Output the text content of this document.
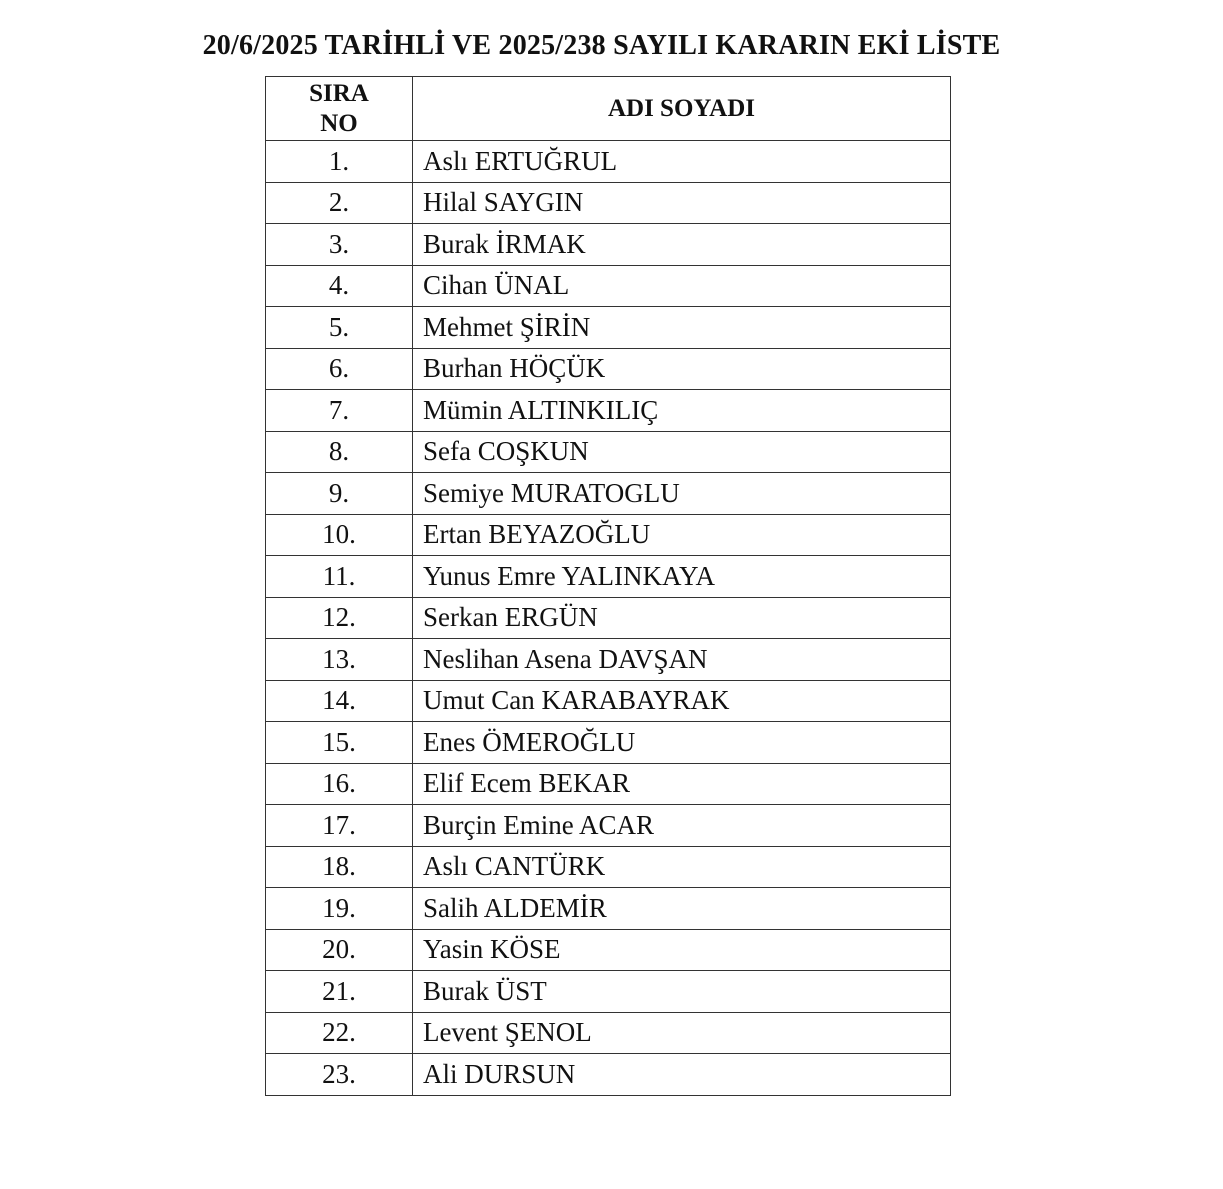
20/6/2025 TARİHLİ VE 2025/238 SAYILI KARARIN EKİ LİSTE
SIRA
NO	ADI SOYADI
1.	Aslı ERTUĞRUL
2.	Hilal SAYGIN
3.	Burak İRMAK
4.	Cihan ÜNAL
5.	Mehmet ŞİRİN
6.	Burhan HÖÇÜK
7.	Mümin ALTINKILIÇ
8.	Sefa COŞKUN
9.	Semiye MURATOGLU
10.	Ertan BEYAZOĞLU
11.	Yunus Emre YALINKAYA
12.	Serkan ERGÜN
13.	Neslihan Asena DAVŞAN
14.	Umut Can KARABAYRAK
15.	Enes ÖMEROĞLU
16.	Elif Ecem BEKAR
17.	Burçin Emine ACAR
18.	Aslı CANTÜRK
19.	Salih ALDEMİR
20.	Yasin KÖSE
21.	Burak ÜST
22.	Levent ŞENOL
23.	Ali DURSUN
